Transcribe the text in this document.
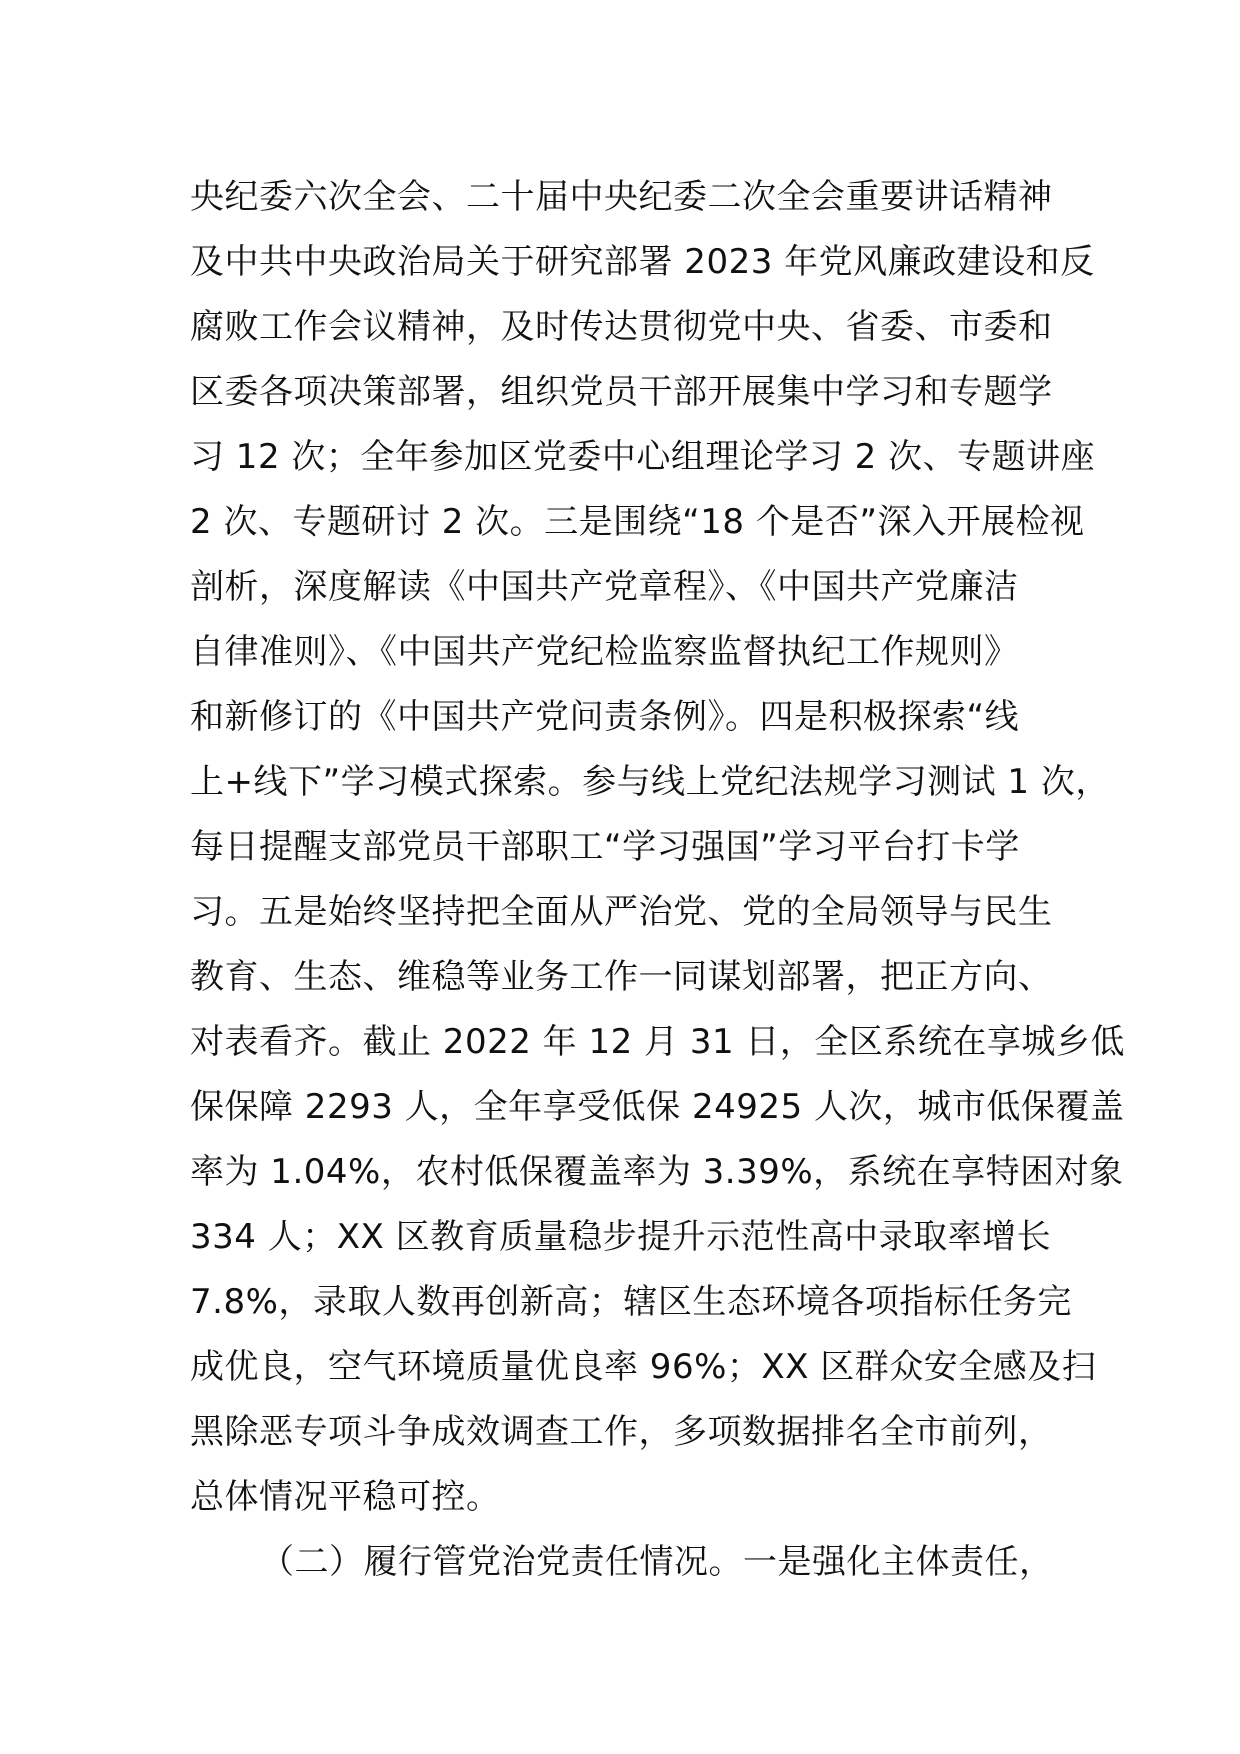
央纪委六次全会、二十届中央纪委二次全会重要讲话精神
及中共中央政治局关于研究部署 2023 年党风廉政建设和反
腐败工作会议精神，及时传达贯彻党中央、省委、市委和
区委各项决策部署，组织党员干部开展集中学习和专题学
习 12 次；全年参加区党委中心组理论学习 2 次、专题讲座
2 次、专题研讨 2 次。三是围绕“18 个是否”深入开展检视
剖析，深度解读《中国共产党章程》、《中国共产党廉洁
自律准则》、《中国共产党纪检监察监督执纪工作规则》
和新修订的《中国共产党问责条例》。四是积极探索“线
上+线下”学习模式探索。参与线上党纪法规学习测试 1 次，
每日提醒支部党员干部职工“学习强国”学习平台打卡学
习。五是始终坚持把全面从严治党、党的全局领导与民生
教育、生态、维稳等业务工作一同谋划部署，把正方向、
对表看齐。截止 2022 年 12 月 31 日，全区系统在享城乡低
保保障 2293 人，全年享受低保 24925 人次，城市低保覆盖
率为 1.04%，农村低保覆盖率为 3.39%，系统在享特困对象
334 人；XX 区教育质量稳步提升示范性高中录取率增长
7.8%，录取人数再创新高；辖区生态环境各项指标任务完
成优良，空气环境质量优良率 96%；XX 区群众安全感及扫
黑除恶专项斗争成效调查工作，多项数据排名全市前列，
总体情况平稳可控。
（二）履行管党治党责任情况。一是强化主体责任，
